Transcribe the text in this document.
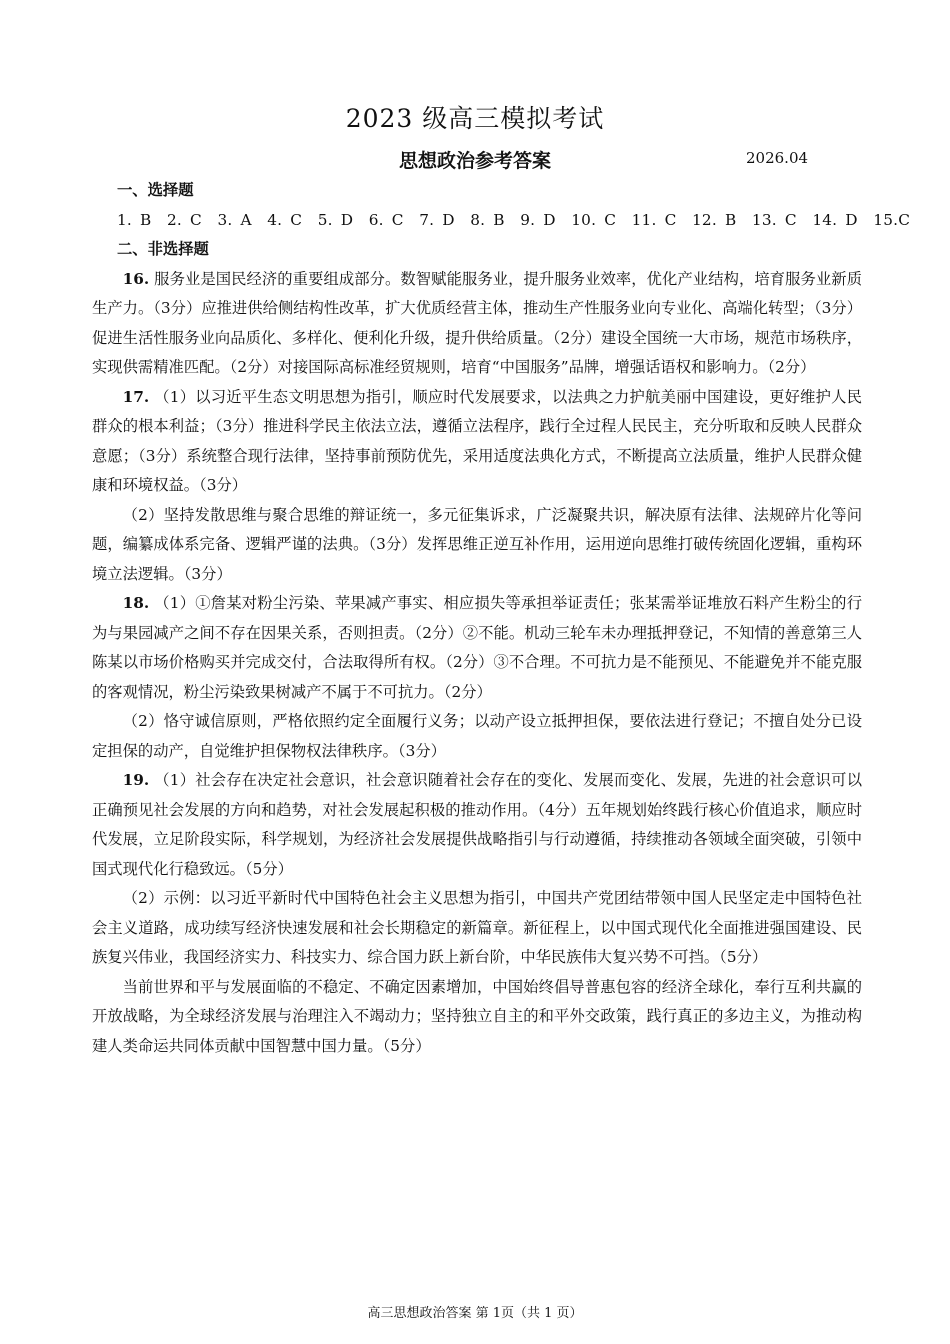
2023 级高三模拟考试
思想政治参考答案	2026.04
一、选择题
1. B　2. C　3. A　4. C　5. D　6. C　7. D　8. B　9. D　10. C　11. C　12. B　13. C　14. D　15.C
二、非选择题

16. 服务业是国民经济的重要组成部分。数智赋能服务业，提升服务业效率，优化产业结构，培育服务业新质生产力。（3分）应推进供给侧结构性改革，扩大优质经营主体，推动生产性服务业向专业化、高端化转型；（3分）促进生活性服务业向品质化、多样化、便利化升级，提升供给质量。（2分）建设全国统一大市场，规范市场秩序，实现供需精准匹配。（2分）对接国际高标准经贸规则，培育“中国服务”品牌，增强话语权和影响力。（2分）

17. （1）以习近平生态文明思想为指引，顺应时代发展要求，以法典之力护航美丽中国建设，更好维护人民群众的根本利益；（3分）推进科学民主依法立法，遵循立法程序，践行全过程人民民主，充分听取和反映人民群众意愿；（3分）系统整合现行法律，坚持事前预防优先，采用适度法典化方式，不断提高立法质量，维护人民群众健康和环境权益。（3分）

（2）坚持发散思维与聚合思维的辩证统一，多元征集诉求，广泛凝聚共识，解决原有法律、法规碎片化等问题，编纂成体系完备、逻辑严谨的法典。（3分）发挥思维正逆互补作用，运用逆向思维打破传统固化逻辑，重构环境立法逻辑。（3分）

18. （1）①詹某对粉尘污染、苹果减产事实、相应损失等承担举证责任；张某需举证堆放石料产生粉尘的行为与果园减产之间不存在因果关系，否则担责。（2分）②不能。机动三轮车未办理抵押登记，不知情的善意第三人陈某以市场价格购买并完成交付，合法取得所有权。（2分）③不合理。不可抗力是不能预见、不能避免并不能克服的客观情况，粉尘污染致果树减产不属于不可抗力。（2分）

（2）恪守诚信原则，严格依照约定全面履行义务；以动产设立抵押担保，要依法进行登记；不擅自处分已设定担保的动产，自觉维护担保物权法律秩序。（3分）

19. （1）社会存在决定社会意识，社会意识随着社会存在的变化、发展而变化、发展，先进的社会意识可以正确预见社会发展的方向和趋势，对社会发展起积极的推动作用。（4分）五年规划始终践行核心价值追求，顺应时代发展，立足阶段实际，科学规划，为经济社会发展提供战略指引与行动遵循，持续推动各领域全面突破，引领中国式现代化行稳致远。（5分）

（2）示例：以习近平新时代中国特色社会主义思想为指引，中国共产党团结带领中国人民坚定走中国特色社会主义道路，成功续写经济快速发展和社会长期稳定的新篇章。新征程上，以中国式现代化全面推进强国建设、民族复兴伟业，我国经济实力、科技实力、综合国力跃上新台阶，中华民族伟大复兴势不可挡。（5分）

当前世界和平与发展面临的不稳定、不确定因素增加，中国始终倡导普惠包容的经济全球化，奉行互利共赢的开放战略，为全球经济发展与治理注入不竭动力；坚持独立自主的和平外交政策，践行真正的多边主义，为推动构建人类命运共同体贡献中国智慧中国力量。（5分）

高三思想政治答案 第 1页（共 1 页）
